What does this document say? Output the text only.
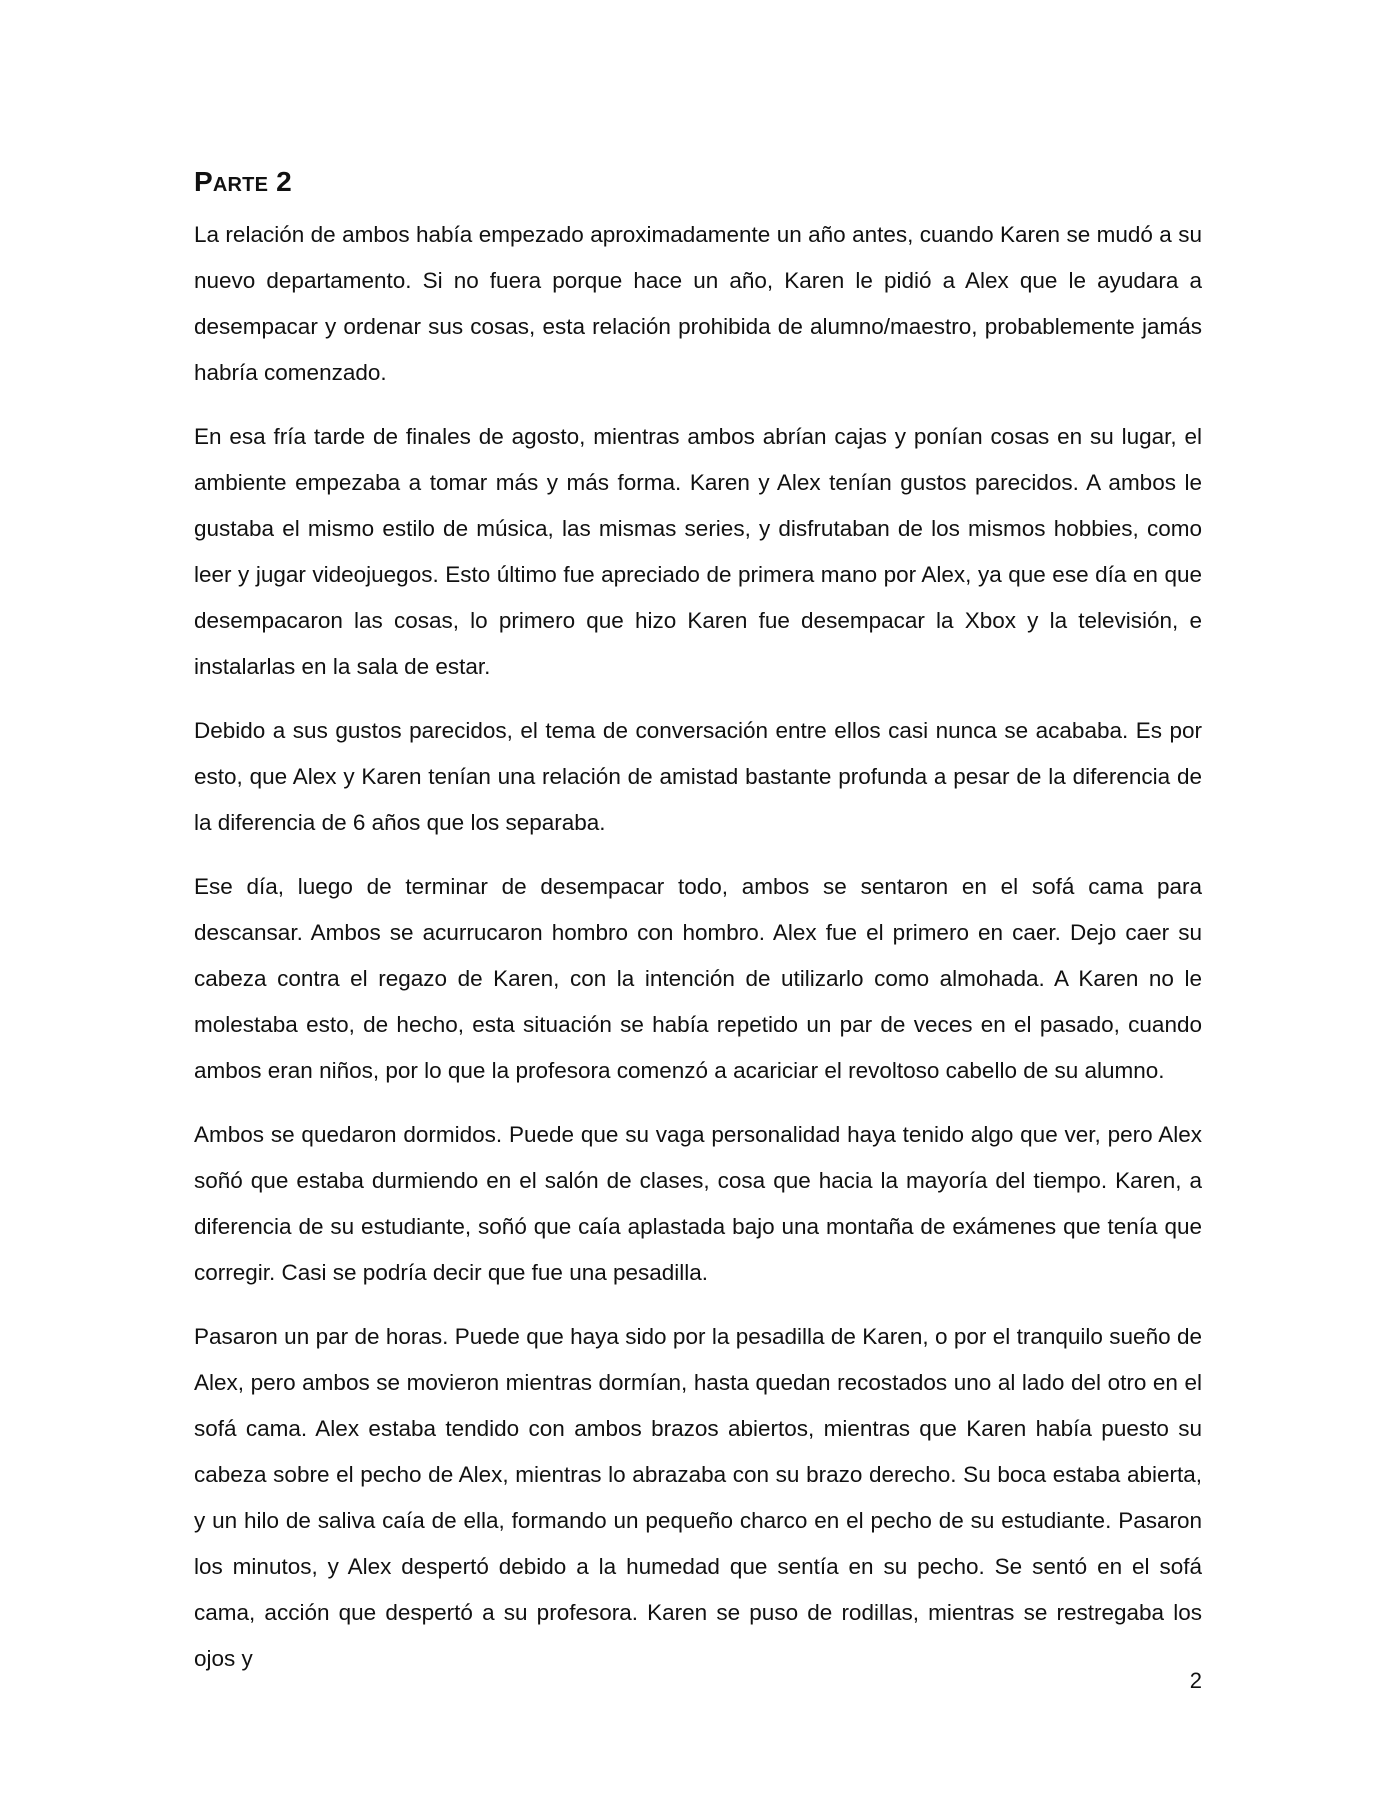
Parte 2

La relación de ambos había empezado aproximadamente un año antes, cuando Karen se mudó a su nuevo departamento. Si no fuera porque hace un año, Karen le pidió a Alex que le ayudara a desempacar y ordenar sus cosas, esta relación prohibida de alumno/maestro, probablemente jamás habría comenzado.

En esa fría tarde de finales de agosto, mientras ambos abrían cajas y ponían cosas en su lugar, el ambiente empezaba a tomar más y más forma. Karen y Alex tenían gustos parecidos. A ambos le gustaba el mismo estilo de música, las mismas series, y disfrutaban de los mismos hobbies, como leer y jugar videojuegos. Esto último fue apreciado de primera mano por Alex, ya que ese día en que desempacaron las cosas, lo primero que hizo Karen fue desempacar la Xbox y la televisión, e instalarlas en la sala de estar.

Debido a sus gustos parecidos, el tema de conversación entre ellos casi nunca se acababa. Es por esto, que Alex y Karen tenían una relación de amistad bastante profunda a pesar de la diferencia de la diferencia de 6 años que los separaba.

Ese día, luego de terminar de desempacar todo, ambos se sentaron en el sofá cama para descansar. Ambos se acurrucaron hombro con hombro. Alex fue el primero en caer. Dejo caer su cabeza contra el regazo de Karen, con la intención de utilizarlo como almohada. A Karen no le molestaba esto, de hecho, esta situación se había repetido un par de veces en el pasado, cuando ambos eran niños, por lo que la profesora comenzó a acariciar el revoltoso cabello de su alumno.

Ambos se quedaron dormidos. Puede que su vaga personalidad haya tenido algo que ver, pero Alex soñó que estaba durmiendo en el salón de clases, cosa que hacia la mayoría del tiempo. Karen, a diferencia de su estudiante, soñó que caía aplastada bajo una montaña de exámenes que tenía que corregir. Casi se podría decir que fue una pesadilla.

Pasaron un par de horas. Puede que haya sido por la pesadilla de Karen, o por el tranquilo sueño de Alex, pero ambos se movieron mientras dormían, hasta quedan recostados uno al lado del otro en el sofá cama. Alex estaba tendido con ambos brazos abiertos, mientras que Karen había puesto su cabeza sobre el pecho de Alex, mientras lo abrazaba con su brazo derecho. Su boca estaba abierta, y un hilo de saliva caía de ella, formando un pequeño charco en el pecho de su estudiante. Pasaron los minutos, y Alex despertó debido a la humedad que sentía en su pecho. Se sentó en el sofá cama, acción que despertó a su profesora. Karen se puso de rodillas, mientras se restregaba los ojos y

2
